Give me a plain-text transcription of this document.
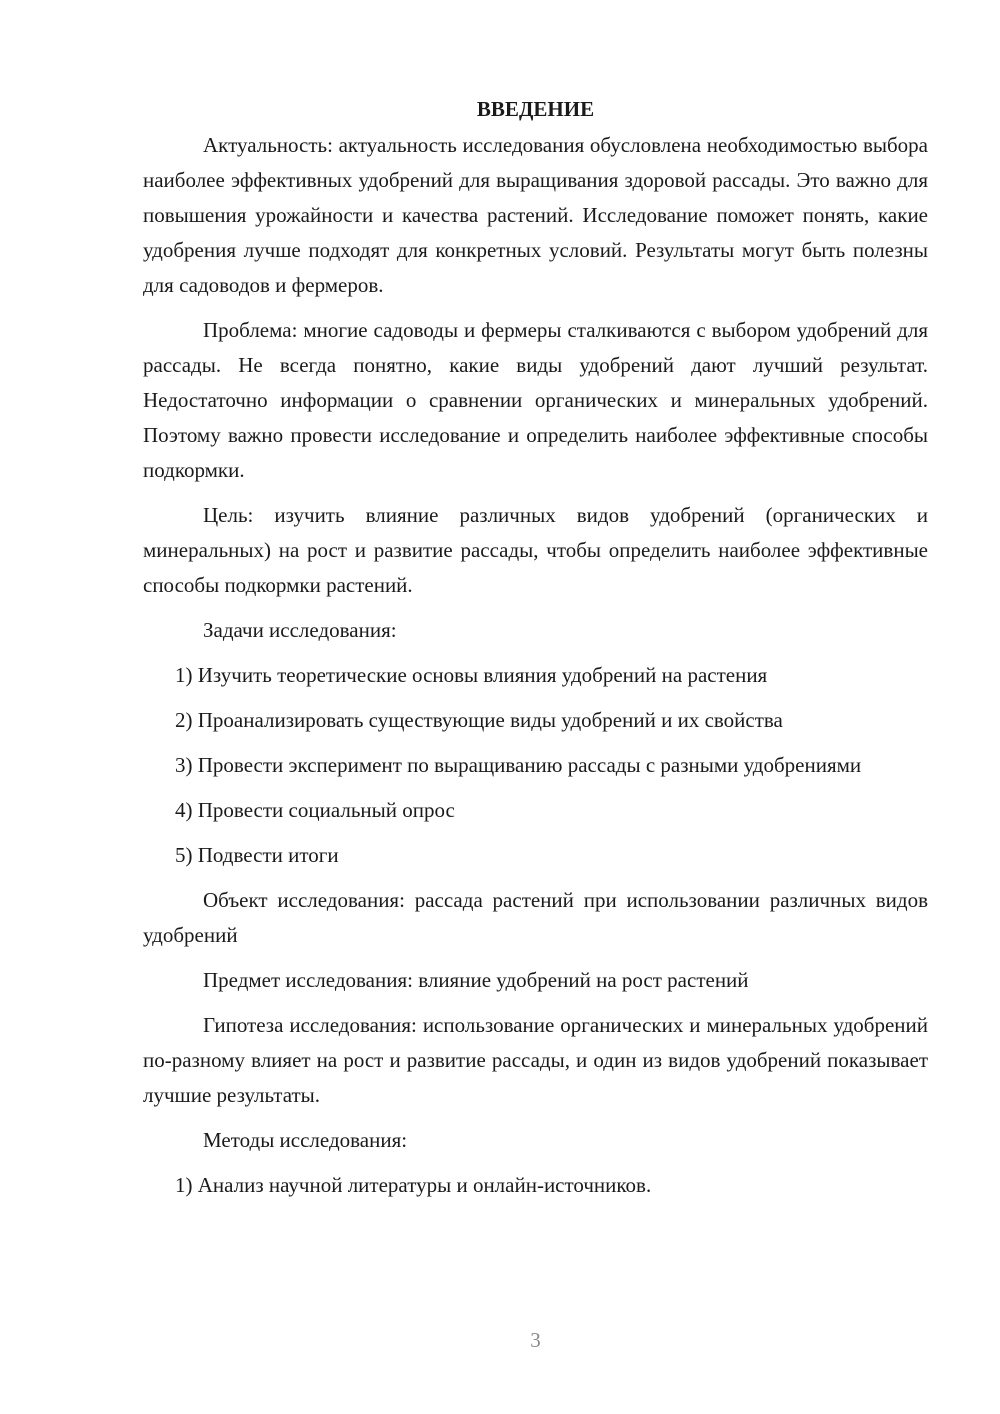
ВВЕДЕНИЕ

Актуальность: актуальность исследования обусловлена необходимостью выбора наиболее эффективных удобрений для выращивания здоровой рассады. Это важно для повышения урожайности и качества растений. Исследование поможет понять, какие удобрения лучше подходят для конкретных условий. Результаты могут быть полезны для садоводов и фермеров.

Проблема: многие садоводы и фермеры сталкиваются с выбором удобрений для рассады. Не всегда понятно, какие виды удобрений дают лучший результат. Недостаточно информации о сравнении органических и минеральных удобрений. Поэтому важно провести исследование и определить наиболее эффективные способы подкормки.

Цель: изучить влияние различных видов удобрений (органических и минеральных) на рост и развитие рассады, чтобы определить наиболее эффективные способы подкормки растений.

Задачи исследования:

1) Изучить теоретические основы влияния удобрений на растения

2) Проанализировать существующие виды удобрений и их свойства

3) Провести эксперимент по выращиванию рассады с разными удобрениями

4) Провести социальный опрос

5) Подвести итоги

Объект исследования: рассада растений при использовании различных видов удобрений

Предмет исследования: влияние удобрений на рост растений

Гипотеза исследования: использование органических и минеральных удобрений по-разному влияет на рост и развитие рассады, и один из видов удобрений показывает лучшие результаты.

Методы исследования:

1) Анализ научной литературы и онлайн-источников.

3
